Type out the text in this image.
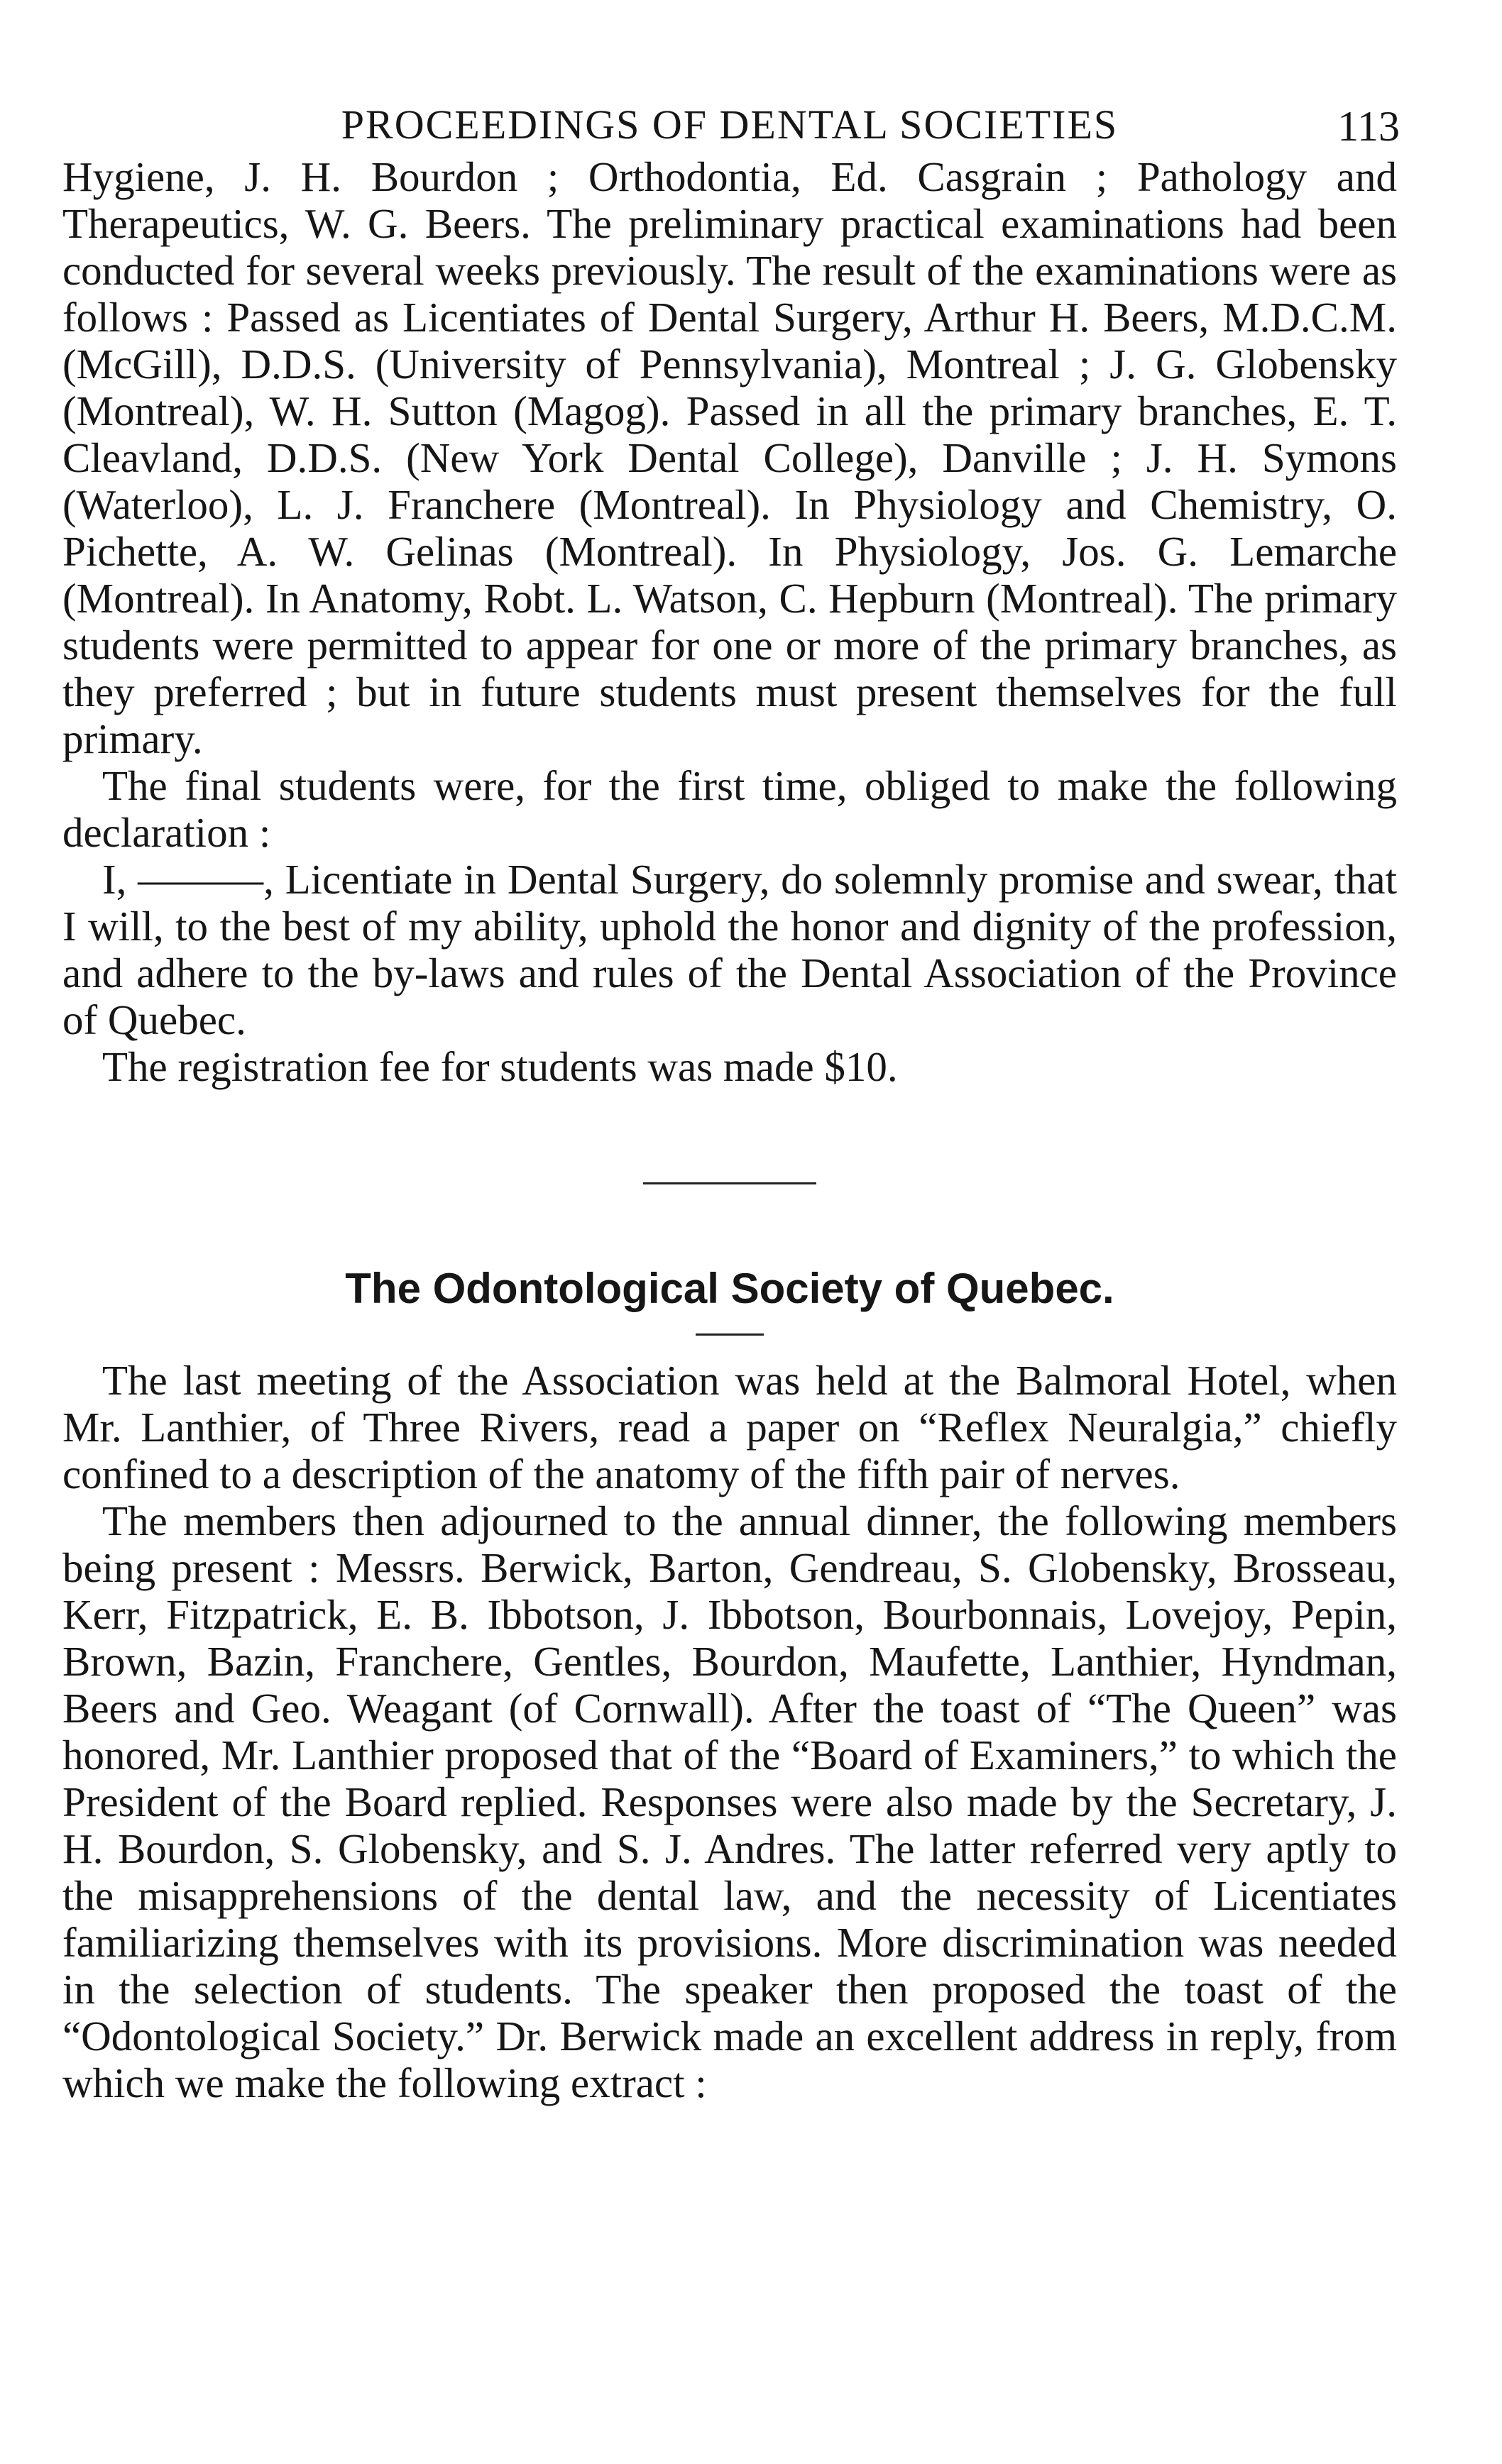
PROCEEDINGS OF DENTAL SOCIETIES	113

Hygiene, J. H. Bourdon ; Orthodontia, Ed. Casgrain ; Pathology and Therapeutics, W. G. Beers. The preliminary practical examinations had been conducted for several weeks previously. The result of the examinations were as follows : Passed as Licentiates of Dental Surgery, Arthur H. Beers, M.D.C.M. (McGill), D.D.S. (University of Pennsylvania), Montreal ; J. G. Globensky (Montreal), W. H. Sutton (Magog). Passed in all the primary branches, E. T. Cleavland, D.D.S. (New York Dental College), Danville ; J. H. Symons (Waterloo), L. J. Franchere (Montreal). In Physiology and Chemistry, O. Pichette, A. W. Gelinas (Montreal). In Physiology, Jos. G. Lemarche (Montreal). In Anatomy, Robt. L. Watson, C. Hepburn (Montreal). The primary students were permitted to appear for one or more of the primary branches, as they preferred ; but in future students must present themselves for the full primary.

The final students were, for the first time, obliged to make the following declaration :

I, ———, Licentiate in Dental Surgery, do solemnly promise and swear, that I will, to the best of my ability, uphold the honor and dignity of the profession, and adhere to the by-laws and rules of the Dental Association of the Province of Quebec.

The registration fee for students was made $10.

The Odontological Society of Quebec.

The last meeting of the Association was held at the Balmoral Hotel, when Mr. Lanthier, of Three Rivers, read a paper on “Reflex Neuralgia,” chiefly confined to a description of the anatomy of the fifth pair of nerves.

The members then adjourned to the annual dinner, the following members being present : Messrs. Berwick, Barton, Gendreau, S. Globensky, Brosseau, Kerr, Fitzpatrick, E. B. Ibbotson, J. Ibbotson, Bourbonnais, Lovejoy, Pepin, Brown, Bazin, Franchere, Gentles, Bourdon, Maufette, Lanthier, Hyndman, Beers and Geo. Weagant (of Cornwall). After the toast of “The Queen” was honored, Mr. Lanthier proposed that of the “Board of Examiners,” to which the President of the Board replied. Responses were also made by the Secretary, J. H. Bourdon, S. Globensky, and S. J. Andres. The latter referred very aptly to the misapprehensions of the dental law, and the necessity of Licentiates familiarizing themselves with its provisions. More discrimination was needed in the selection of students. The speaker then proposed the toast of the “Odontological Society.” Dr. Berwick made an excellent address in reply, from which we make the following extract :
